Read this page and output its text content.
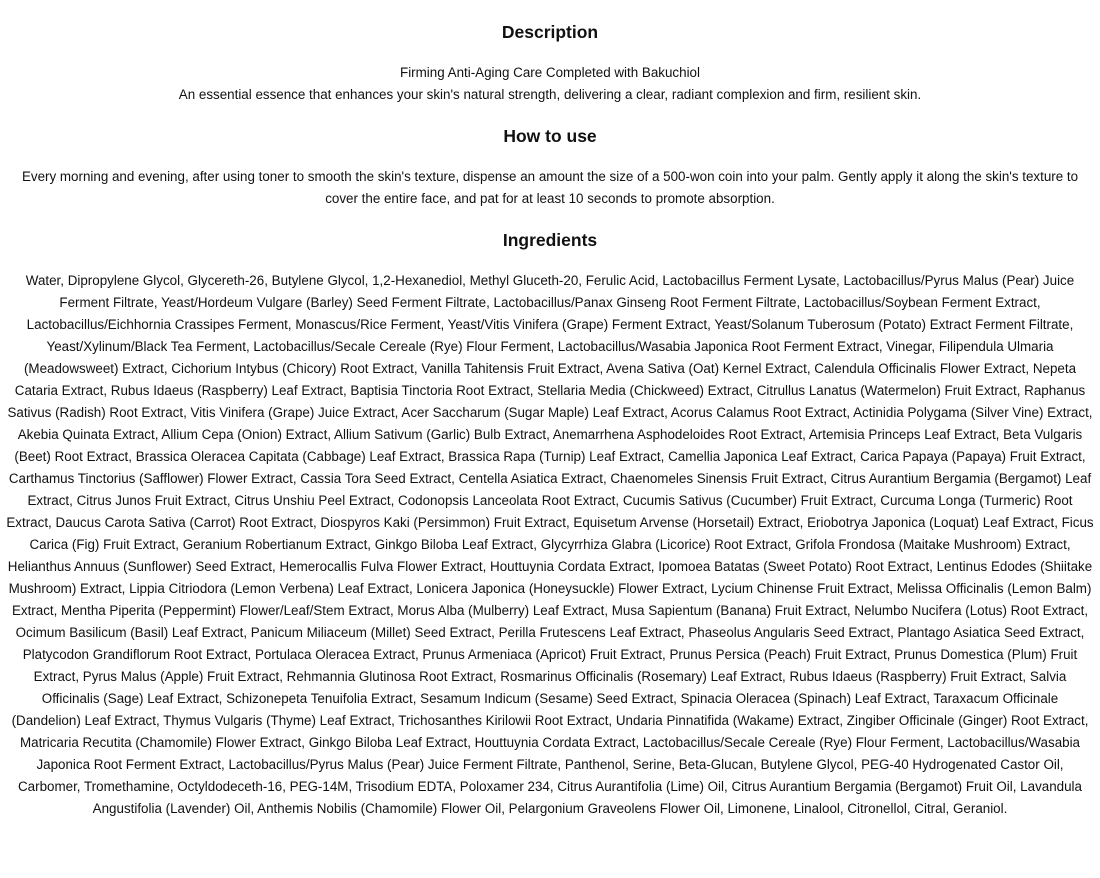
Description

Firming Anti-Aging Care Completed with Bakuchiol

An essential essence that enhances your skin's natural strength, delivering a clear, radiant complexion and firm, resilient skin.

How to use

Every morning and evening, after using toner to smooth the skin's texture, dispense an amount the size of a 500-won coin into your palm. Gently apply it along the skin's texture to cover the entire face, and pat for at least 10 seconds to promote absorption.

Ingredients

Water, Dipropylene Glycol, Glycereth-26, Butylene Glycol, 1,2-Hexanediol, Methyl Gluceth-20, Ferulic Acid, Lactobacillus Ferment Lysate, Lactobacillus/Pyrus Malus (Pear) Juice Ferment Filtrate, Yeast/Hordeum Vulgare (Barley) Seed Ferment Filtrate, Lactobacillus/Panax Ginseng Root Ferment Filtrate, Lactobacillus/Soybean Ferment Extract, Lactobacillus/Eichhornia Crassipes Ferment, Monascus/Rice Ferment, Yeast/Vitis Vinifera (Grape) Ferment Extract, Yeast/Solanum Tuberosum (Potato) Extract Ferment Filtrate, Yeast/Xylinum/Black Tea Ferment, Lactobacillus/Secale Cereale (Rye) Flour Ferment, Lactobacillus/Wasabia Japonica Root Ferment Extract, Vinegar, Filipendula Ulmaria (Meadowsweet) Extract, Cichorium Intybus (Chicory) Root Extract, Vanilla Tahitensis Fruit Extract, Avena Sativa (Oat) Kernel Extract, Calendula Officinalis Flower Extract, Nepeta Cataria Extract, Rubus Idaeus (Raspberry) Leaf Extract, Baptisia Tinctoria Root Extract, Stellaria Media (Chickweed) Extract, Citrullus Lanatus (Watermelon) Fruit Extract, Raphanus Sativus (Radish) Root Extract, Vitis Vinifera (Grape) Juice Extract, Acer Saccharum (Sugar Maple) Leaf Extract, Acorus Calamus Root Extract, Actinidia Polygama (Silver Vine) Extract, Akebia Quinata Extract, Allium Cepa (Onion) Extract, Allium Sativum (Garlic) Bulb Extract, Anemarrhena Asphodeloides Root Extract, Artemisia Princeps Leaf Extract, Beta Vulgaris (Beet) Root Extract, Brassica Oleracea Capitata (Cabbage) Leaf Extract, Brassica Rapa (Turnip) Leaf Extract, Camellia Japonica Leaf Extract, Carica Papaya (Papaya) Fruit Extract, Carthamus Tinctorius (Safflower) Flower Extract, Cassia Tora Seed Extract, Centella Asiatica Extract, Chaenomeles Sinensis Fruit Extract, Citrus Aurantium Bergamia (Bergamot) Leaf Extract, Citrus Junos Fruit Extract, Citrus Unshiu Peel Extract, Codonopsis Lanceolata Root Extract, Cucumis Sativus (Cucumber) Fruit Extract, Curcuma Longa (Turmeric) Root Extract, Daucus Carota Sativa (Carrot) Root Extract, Diospyros Kaki (Persimmon) Fruit Extract, Equisetum Arvense (Horsetail) Extract, Eriobotrya Japonica (Loquat) Leaf Extract, Ficus Carica (Fig) Fruit Extract, Geranium Robertianum Extract, Ginkgo Biloba Leaf Extract, Glycyrrhiza Glabra (Licorice) Root Extract, Grifola Frondosa (Maitake Mushroom) Extract, Helianthus Annuus (Sunflower) Seed Extract, Hemerocallis Fulva Flower Extract, Houttuynia Cordata Extract, Ipomoea Batatas (Sweet Potato) Root Extract, Lentinus Edodes (Shiitake Mushroom) Extract, Lippia Citriodora (Lemon Verbena) Leaf Extract, Lonicera Japonica (Honeysuckle) Flower Extract, Lycium Chinense Fruit Extract, Melissa Officinalis (Lemon Balm) Extract, Mentha Piperita (Peppermint) Flower/Leaf/Stem Extract, Morus Alba (Mulberry) Leaf Extract, Musa Sapientum (Banana) Fruit Extract, Nelumbo Nucifera (Lotus) Root Extract, Ocimum Basilicum (Basil) Leaf Extract, Panicum Miliaceum (Millet) Seed Extract, Perilla Frutescens Leaf Extract, Phaseolus Angularis Seed Extract, Plantago Asiatica Seed Extract, Platycodon Grandiflorum Root Extract, Portulaca Oleracea Extract, Prunus Armeniaca (Apricot) Fruit Extract, Prunus Persica (Peach) Fruit Extract, Prunus Domestica (Plum) Fruit Extract, Pyrus Malus (Apple) Fruit Extract, Rehmannia Glutinosa Root Extract, Rosmarinus Officinalis (Rosemary) Leaf Extract, Rubus Idaeus (Raspberry) Fruit Extract, Salvia Officinalis (Sage) Leaf Extract, Schizonepeta Tenuifolia Extract, Sesamum Indicum (Sesame) Seed Extract, Spinacia Oleracea (Spinach) Leaf Extract, Taraxacum Officinale (Dandelion) Leaf Extract, Thymus Vulgaris (Thyme) Leaf Extract, Trichosanthes Kirilowii Root Extract, Undaria Pinnatifida (Wakame) Extract, Zingiber Officinale (Ginger) Root Extract, Matricaria Recutita (Chamomile) Flower Extract, Ginkgo Biloba Leaf Extract, Houttuynia Cordata Extract, Lactobacillus/Secale Cereale (Rye) Flour Ferment, Lactobacillus/Wasabia Japonica Root Ferment Extract, Lactobacillus/Pyrus Malus (Pear) Juice Ferment Filtrate, Panthenol, Serine, Beta-Glucan, Butylene Glycol, PEG-40 Hydrogenated Castor Oil, Carbomer, Tromethamine, Octyldodeceth-16, PEG-14M, Trisodium EDTA, Poloxamer 234, Citrus Aurantifolia (Lime) Oil, Citrus Aurantium Bergamia (Bergamot) Fruit Oil, Lavandula Angustifolia (Lavender) Oil, Anthemis Nobilis (Chamomile) Flower Oil, Pelargonium Graveolens Flower Oil, Limonene, Linalool, Citronellol, Citral, Geraniol.
